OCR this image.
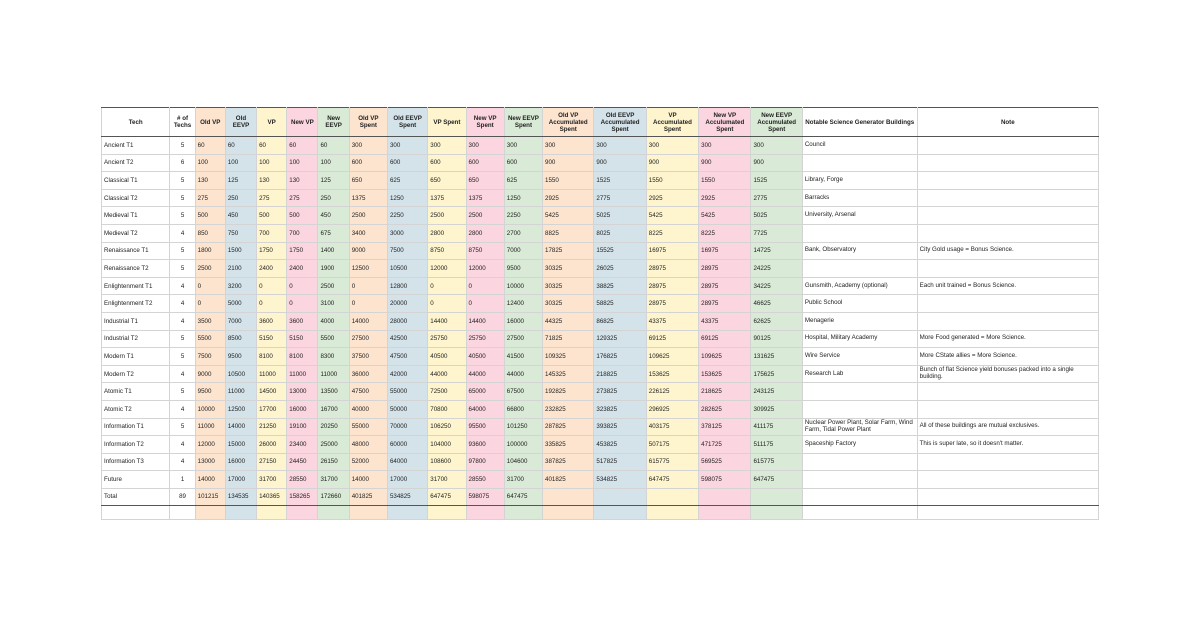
Tech	# of Techs	Old VP	Old EEVP	VP	New VP	New EEVP	Old VP Spent	Old EEVP Spent	VP Spent	New VP Spent	New EEVP Spent	Old VP Accumulated Spent	Old EEVP Accumulated Spent	VP Accumulated Spent	New VP Acculumated Spent	New EEVP Accumulated Spent	Notable Science Generator Buildings	Note
Ancient T1	5	60	60	60	60	60	300	300	300	300	300	300	300	300	300	300	Council	
Ancient T2	6	100	100	100	100	100	600	600	600	600	600	900	900	900	900	900		
Classical T1	5	130	125	130	130	125	650	625	650	650	625	1550	1525	1550	1550	1525	Library, Forge	
Classical T2	5	275	250	275	275	250	1375	1250	1375	1375	1250	2925	2775	2925	2925	2775	Barracks	
Medieval T1	5	500	450	500	500	450	2500	2250	2500	2500	2250	5425	5025	5425	5425	5025	University, Arsenal	
Medieval T2	4	850	750	700	700	675	3400	3000	2800	2800	2700	8825	8025	8225	8225	7725		
Renaissance T1	5	1800	1500	1750	1750	1400	9000	7500	8750	8750	7000	17825	15525	16975	16975	14725	Bank, Observatory	City Gold usage = Bonus Science.
Renaissance T2	5	2500	2100	2400	2400	1900	12500	10500	12000	12000	9500	30325	26025	28975	28975	24225		
Enlightenment T1	4	0	3200	0	0	2500	0	12800	0	0	10000	30325	38825	28975	28975	34225	Gunsmith, Academy (optional)	Each unit trained = Bonus Science.
Enlightenment T2	4	0	5000	0	0	3100	0	20000	0	0	12400	30325	58825	28975	28975	46625	Public School	
Industrial T1	4	3500	7000	3600	3600	4000	14000	28000	14400	14400	16000	44325	86825	43375	43375	62625	Menagerie	
Industrial T2	5	5500	8500	5150	5150	5500	27500	42500	25750	25750	27500	71825	129325	69125	69125	90125	Hospital, Military Academy	More Food generated = More Science.
Modern T1	5	7500	9500	8100	8100	8300	37500	47500	40500	40500	41500	109325	176825	109625	109625	131625	Wire Service	More CState allies = More Science.
Modern T2	4	9000	10500	11000	11000	11000	36000	42000	44000	44000	44000	145325	218825	153625	153625	175625	Research Lab	Bunch of flat Science yield bonuses packed into a single building.
Atomic T1	5	9500	11000	14500	13000	13500	47500	55000	72500	65000	67500	192825	273825	226125	218625	243125		
Atomic T2	4	10000	12500	17700	16000	16700	40000	50000	70800	64000	66800	232825	323825	296925	282625	309925		
Information T1	5	11000	14000	21250	19100	20250	55000	70000	106250	95500	101250	287825	393825	403175	378125	411175	Nuclear Power Plant, Solar Farm, Wind Farm, Tidal Power Plant	All of these buildings are mutual exclusives.
Information T2	4	12000	15000	26000	23400	25000	48000	60000	104000	93600	100000	335825	453825	507175	471725	511175	Spaceship Factory	This is super late, so it doesn't matter.
Information T3	4	13000	16000	27150	24450	26150	52000	64000	108600	97800	104600	387825	517825	615775	569525	615775		
Future	1	14000	17000	31700	28550	31700	14000	17000	31700	28550	31700	401825	534825	647475	598075	647475		
Total	89	101215	134535	140365	158265	172660	401825	534825	647475	598075	647475							
